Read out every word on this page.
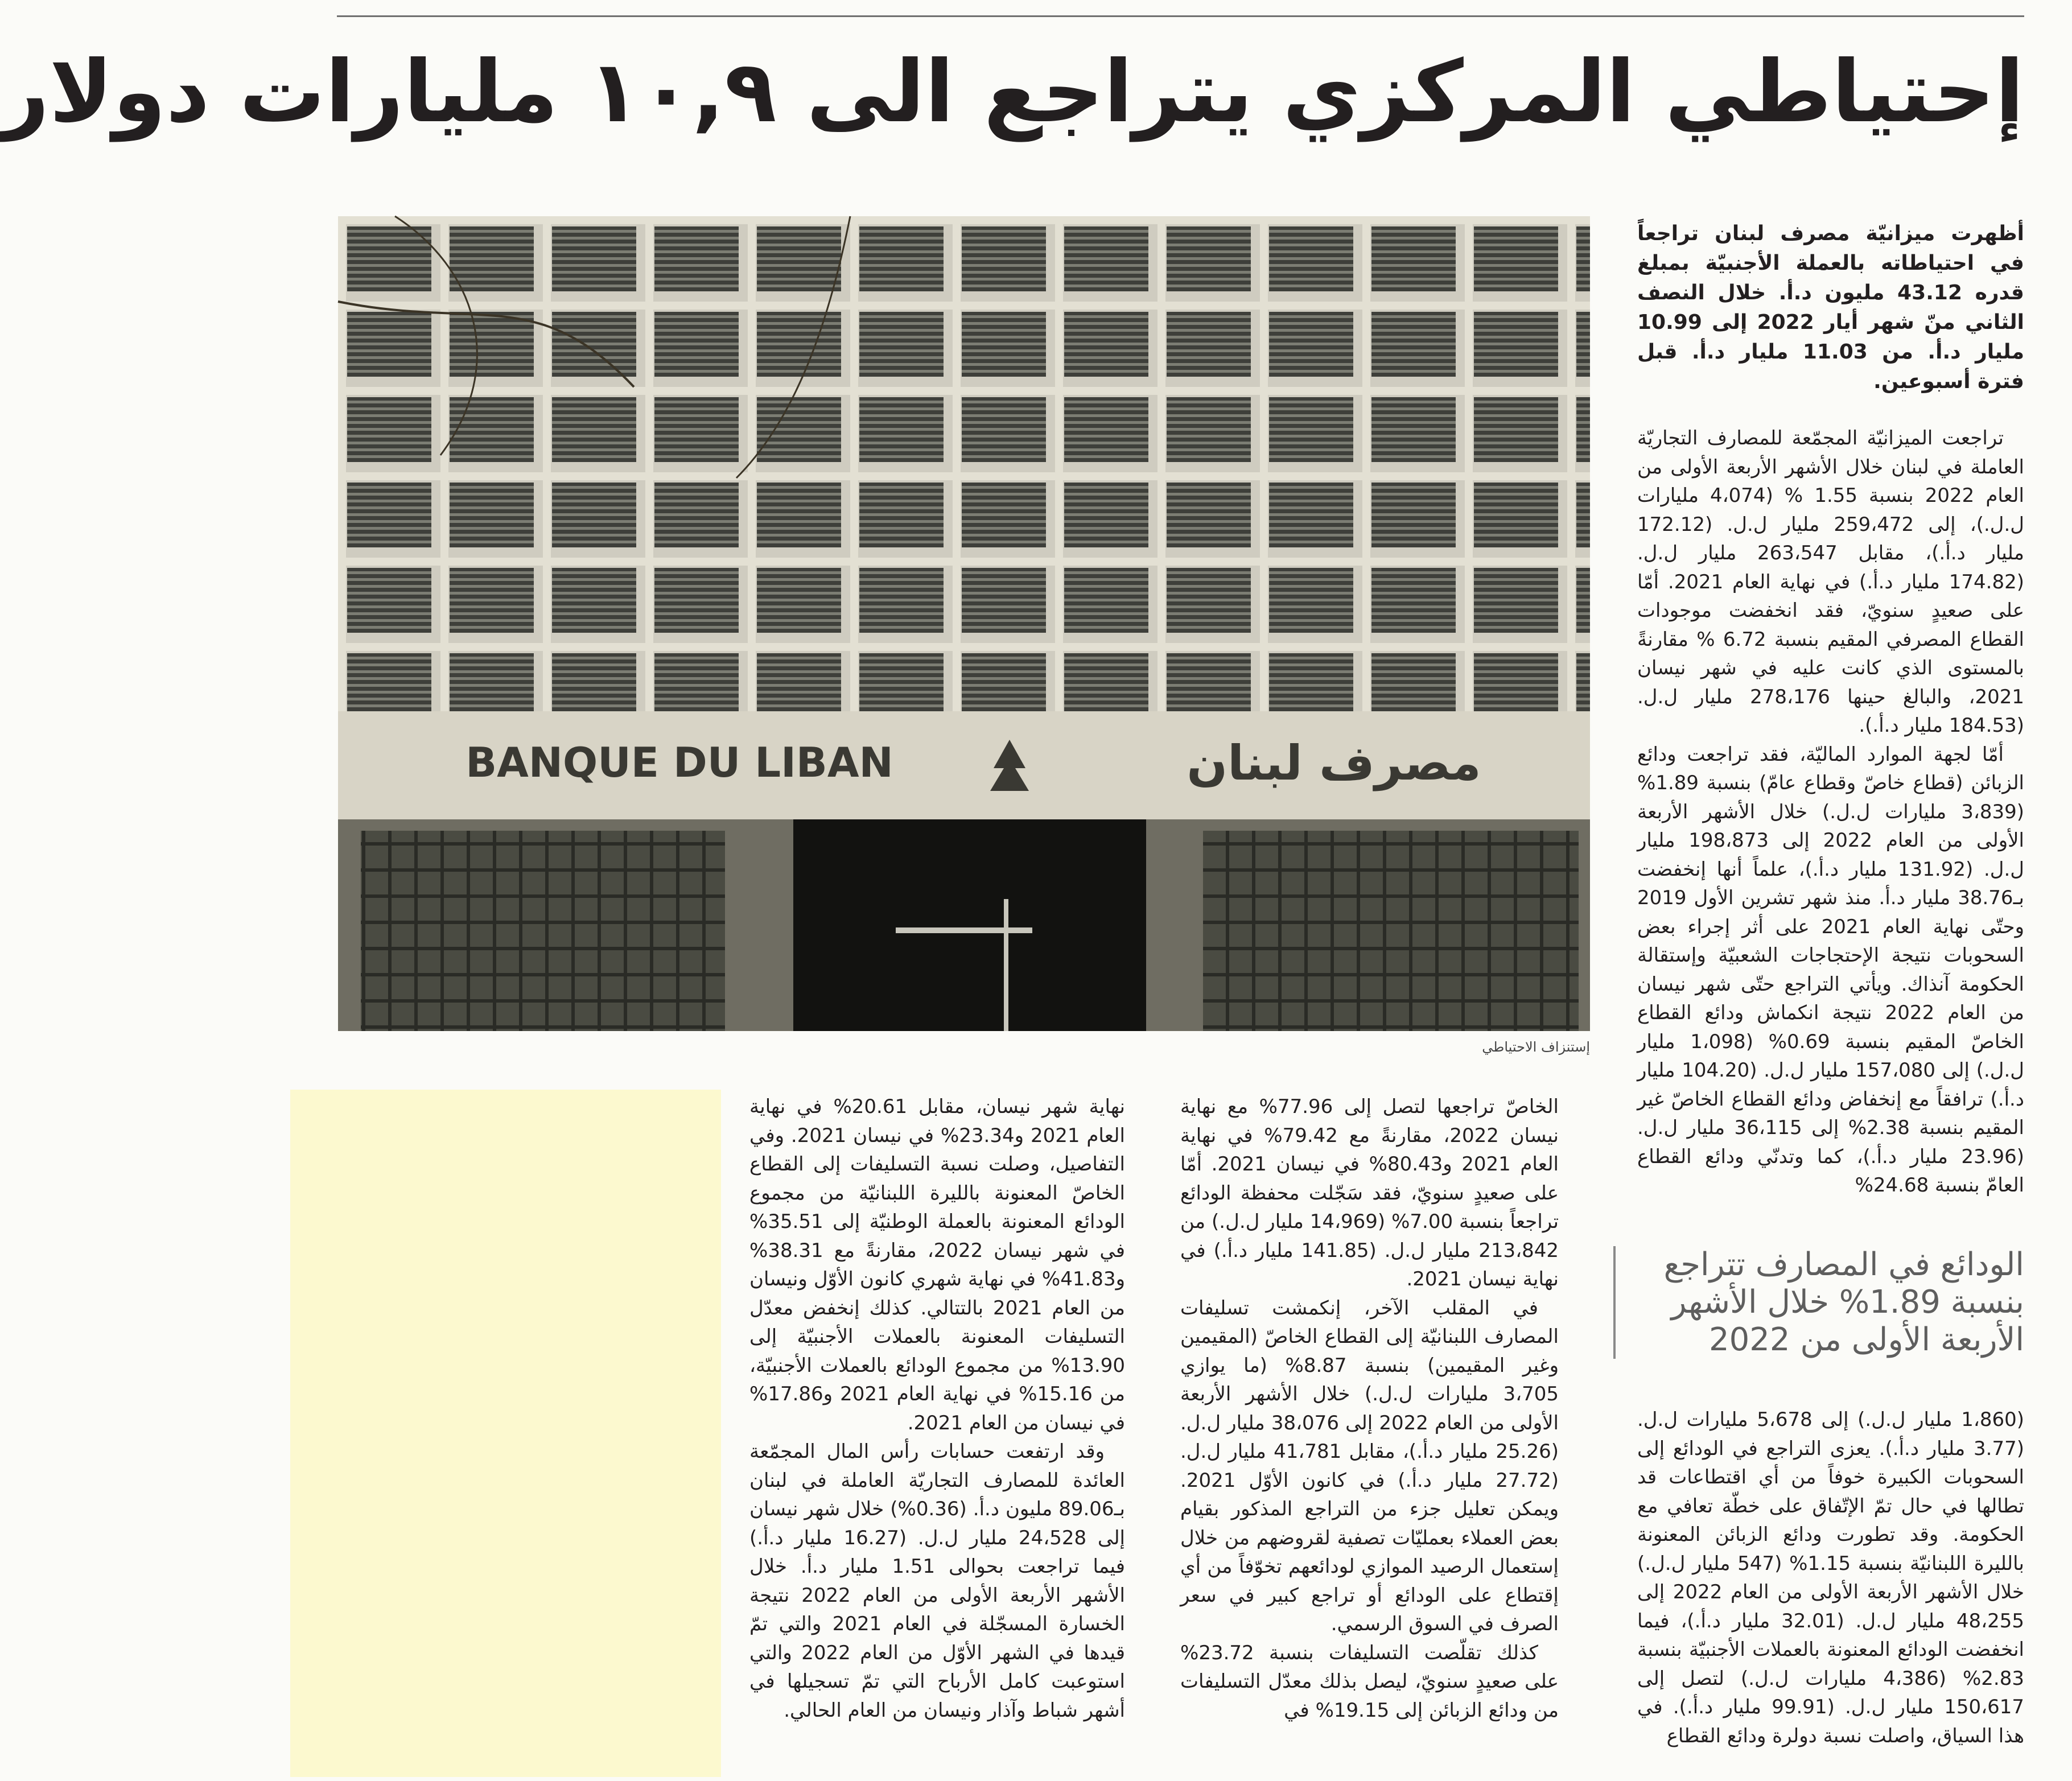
إحتياطي المركزي يتراجع الى ١٠,٩ مليارات دولار
أظهرت ميزانيّة مصرف لبنان تراجعاً في احتياطاته بالعملة الأجنبيّة بمبلغ قدره 43.12 مليون د.أ. خلال النصف الثاني منّ شهر أيار 2022 إلى 10.99 مليار د.أ. من 11.03 مليار د.أ. قبل فترة أسبوعين.
BANQUE DU LIBAN	مصرف لبنان
إستنزاف الاحتياطي

تراجعت الميزانيّة المجمّعة للمصارف التجاريّة العاملة في لبنان خلال الأشهر الأربعة الأولى من العام 2022 بنسبة 1.55 % (4،074 مليارات ل.ل.)، إلى 259،472 مليار ل.ل. (172.12 مليار د.أ.)، مقابل 263،547 مليار ل.ل. (174.82 مليار د.أ.) في نهاية العام 2021. أمّا على صعيدٍ سنويّ، فقد انخفضت موجودات القطاع المصرفي المقيم بنسبة 6.72 % مقارنةً بالمستوى الذي كانت عليه في شهر نيسان 2021، والبالغ حينها 278،176 مليار ل.ل. (184.53 مليار د.أ.).

أمّا لجهة الموارد الماليّة، فقد تراجعت ودائع الزبائن (قطاع خاصّ وقطاع عامّ) بنسبة 1.89% (3،839 مليارات ل.ل.) خلال الأشهر الأربعة الأولى من العام 2022 إلى 198،873 مليار ل.ل. (131.92 مليار د.أ.)، علماً أنها إنخفضت بـ38.76 مليار د.أ. منذ شهر تشرين الأول 2019 وحتّى نهاية العام 2021 على أثر إجراء بعض السحوبات نتيجة الإحتجاجات الشعبيّة وإستقالة الحكومة آنذاك. ويأتي التراجع حتّى شهر نيسان من العام 2022 نتيجة انكماش ودائع القطاع الخاصّ المقيم بنسبة 0.69% (1،098 مليار ل.ل.) إلى 157،080 مليار ل.ل. (104.20 مليار د.أ.) ترافقاً مع إنخفاض ودائع القطاع الخاصّ غير المقيم بنسبة 2.38% إلى 36،115 مليار ل.ل. (23.96 مليار د.أ.)، كما وتدنّي ودائع القطاع العامّ بنسبة 24.68%

الودائع في المصارف تتراجع بنسبة 1.89% خلال الأشهر الأربعة الأولى من 2022

(1،860 مليار ل.ل.) إلى 5،678 مليارات ل.ل. (3.77 مليار د.أ.). يعزى التراجع في الودائع إلى السحوبات الكبيرة خوفاً من أي اقتطاعات قد تطالها في حال تمّ الإتّفاق على خطّة تعافي مع الحكومة. وقد تطورت ودائع الزبائن المعنونة بالليرة اللبنانيّة بنسبة 1.15% (547 مليار ل.ل.) خلال الأشهر الأربعة الأولى من العام 2022 إلى 48،255 مليار ل.ل. (32.01 مليار د.أ.)، فيما انخفضت الودائع المعنونة بالعملات الأجنبيّة بنسبة 2.83% (4،386 مليارات ل.ل.) لتصل إلى 150،617 مليار ل.ل. (99.91 مليار د.أ.). في هذا السياق، واصلت نسبة دولرة ودائع القطاع

الخاصّ تراجعها لتصل إلى 77.96% مع نهاية نيسان 2022، مقارنةً مع 79.42% في نهاية العام 2021 و80.43% في نيسان 2021. أمّا على صعيدٍ سنويّ، فقد سَجّلت محفظة الودائع تراجعاً بنسبة 7.00% (14،969 مليار ل.ل.) من 213،842 مليار ل.ل. (141.85 مليار د.أ.) في نهاية نيسان 2021.

في المقلب الآخر، إنكمشت تسليفات المصارف اللبنانيّة إلى القطاع الخاصّ (المقيمين وغير المقيمين) بنسبة 8.87% (ما يوازي 3،705 مليارات ل.ل.) خلال الأشهر الأربعة الأولى من العام 2022 إلى 38،076 مليار ل.ل. (25.26 مليار د.أ.)، مقابل 41،781 مليار ل.ل. (27.72 مليار د.أ.) في كانون الأوّل 2021. ويمكن تعليل جزء من التراجع المذكور بقيام بعض العملاء بعمليّات تصفية لقروضهم من خلال إستعمال الرصيد الموازي لودائعهم تخوّفاً من أي إقتطاع على الودائع أو تراجع كبير في سعر الصرف في السوق الرسمي.

كذلك تقلّصت التسليفات بنسبة 23.72% على صعيدٍ سنويّ، ليصل بذلك معدّل التسليفات من ودائع الزبائن إلى 19.15% في

نهاية شهر نيسان، مقابل 20.61% في نهاية العام 2021 و23.34% في نيسان 2021. وفي التفاصيل، وصلت نسبة التسليفات إلى القطاع الخاصّ المعنونة بالليرة اللبنانيّة من مجموع الودائع المعنونة بالعملة الوطنيّة إلى 35.51% في شهر نيسان 2022، مقارنةً مع 38.31% و41.83% في نهاية شهري كانون الأوّل ونيسان من العام 2021 بالتتالي. كذلك إنخفض معدّل التسليفات المعنونة بالعملات الأجنبيّة إلى 13.90% من مجموع الودائع بالعملات الأجنبيّة، من 15.16% في نهاية العام 2021 و17.86% في نيسان من العام 2021.

وقد ارتفعت حسابات رأس المال المجمّعة العائدة للمصارف التجاريّة العاملة في لبنان بـ89.06 مليون د.أ. (0.36%) خلال شهر نيسان إلى 24،528 مليار ل.ل. (16.27 مليار د.أ.) فيما تراجعت بحوالى 1.51 مليار د.أ. خلال الأشهر الأربعة الأولى من العام 2022 نتيجة الخسارة المسجّلة في العام 2021 والتي تمّ قيدها في الشهر الأوّل من العام 2022 والتي استوعبت كامل الأرباح التي تمّ تسجيلها في أشهر شباط وآذار ونيسان من العام الحالي.
